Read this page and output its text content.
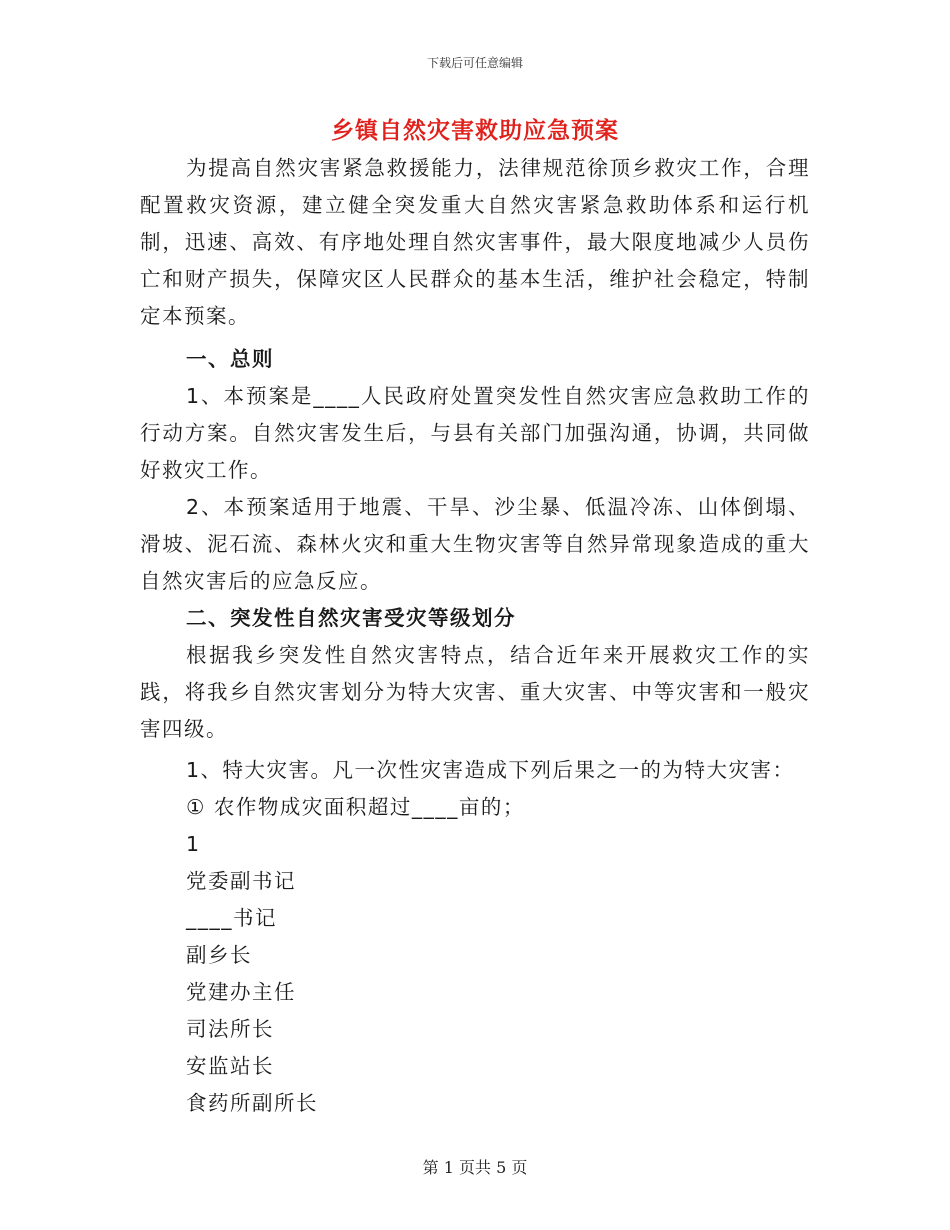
下载后可任意编辑
乡镇自然灾害救助应急预案

为提高自然灾害紧急救援能力，法律规范徐顶乡救灾工作，合理配置救灾资源，建立健全突发重大自然灾害紧急救助体系和运行机制，迅速、高效、有序地处理自然灾害事件，最大限度地减少人员伤亡和财产损失，保障灾区人民群众的基本生活，维护社会稳定，特制定本预案。

一、总则

1、本预案是____人民政府处置突发性自然灾害应急救助工作的行动方案。自然灾害发生后，与县有关部门加强沟通，协调，共同做好救灾工作。

2、本预案适用于地震、干旱、沙尘暴、低温冷冻、山体倒塌、滑坡、泥石流、森林火灾和重大生物灾害等自然异常现象造成的重大自然灾害后的应急反应。

二、突发性自然灾害受灾等级划分

根据我乡突发性自然灾害特点，结合近年来开展救灾工作的实践，将我乡自然灾害划分为特大灾害、重大灾害、中等灾害和一般灾害四级。

1、特大灾害。凡一次性灾害造成下列后果之一的为特大灾害：

① 农作物成灾面积超过____亩的；

1

党委副书记

____书记

副乡长

党建办主任

司法所长

安监站长

食药所副所长

第 1 页共 5 页
